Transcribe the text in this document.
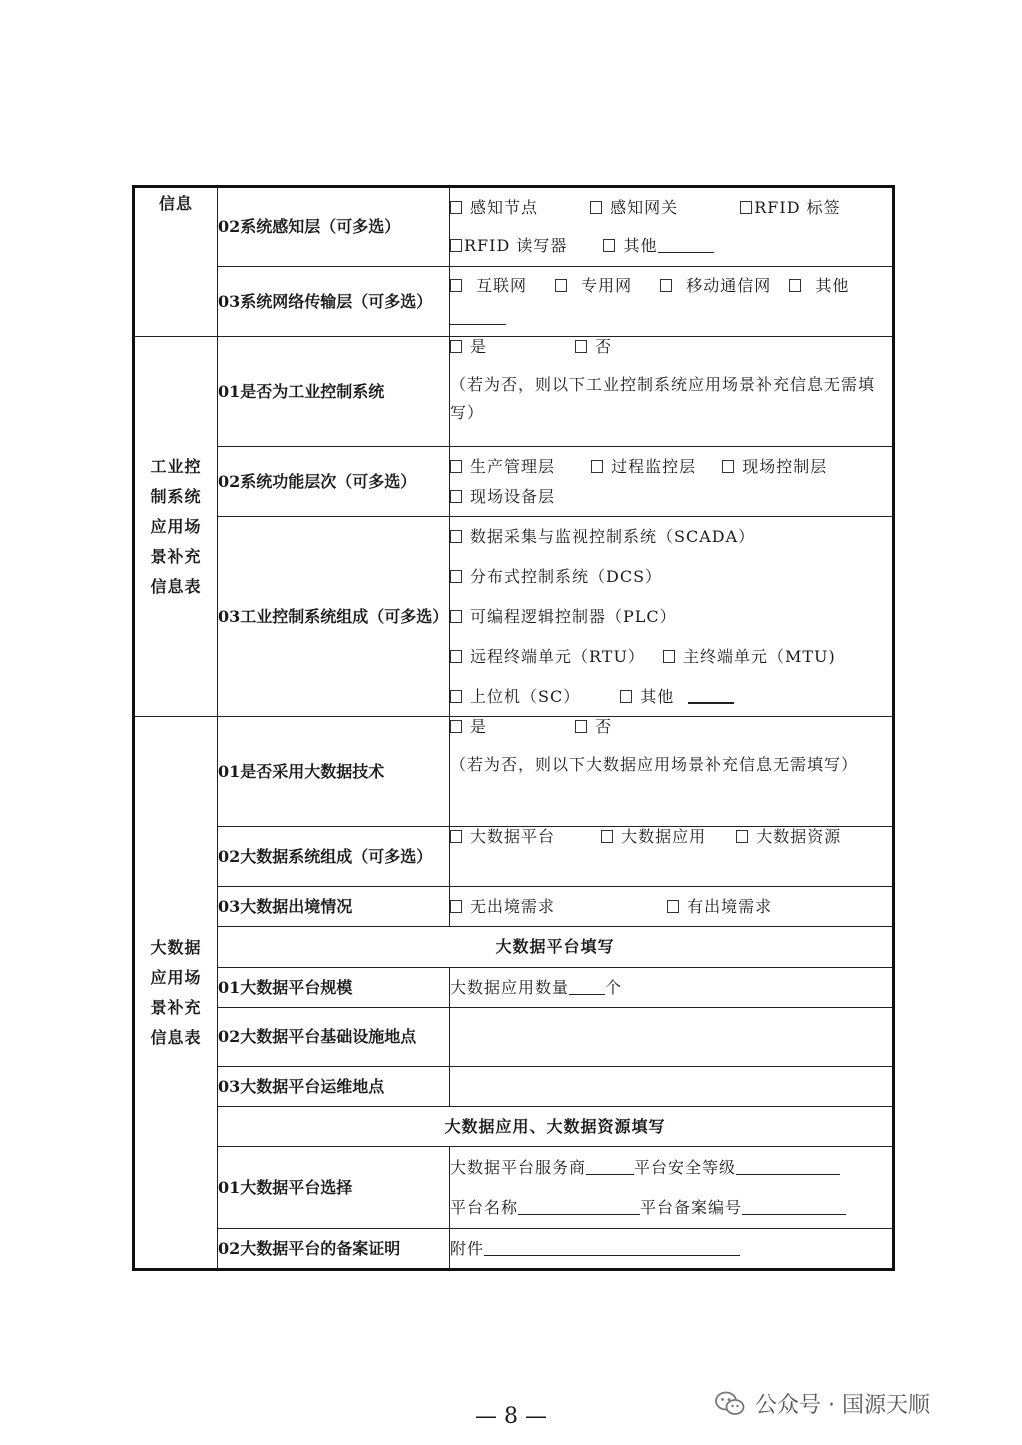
信息	02系统感知层（可多选）	感知节点 感知网关 RFID 标签
RFID 读写器 其他

	03系统网络传输层（可多选）	互联网 专用网 移动通信网 其他

工业控制系统应用场景补充信息表	01是否为工业控制系统	是 否
（若为否，则以下工业控制系统应用场景补充信息无需填写）

	02系统功能层次（可多选）	生产管理层 过程监控层 现场控制层
现场设备层

	03工业控制系统组成（可多选）	数据采集与监视控制系统（SCADA）
分布式控制系统（DCS）
可编程逻辑控制器（PLC）
远程终端单元（RTU） 主终端单元（MTU)
上位机（SC） 其他

大数据应用场景补充信息表	01是否采用大数据技术	是 否
（若为否，则以下大数据应用场景补充信息无需填写）

	02大数据系统组成（可多选）	大数据平台 大数据应用 大数据资源

	03大数据出境情况	无出境需求 有出境需求

	大数据平台填写	

	01大数据平台规模	大数据应用数量 个

	02大数据平台基础设施地点	

	03大数据平台运维地点	

	大数据应用、大数据资源填写	

	01大数据平台选择	大数据平台服务商 平台安全等级
平台名称 平台备案编号

	02大数据平台的备案证明	附件
— 8 —	公众号 · 国源天顺
